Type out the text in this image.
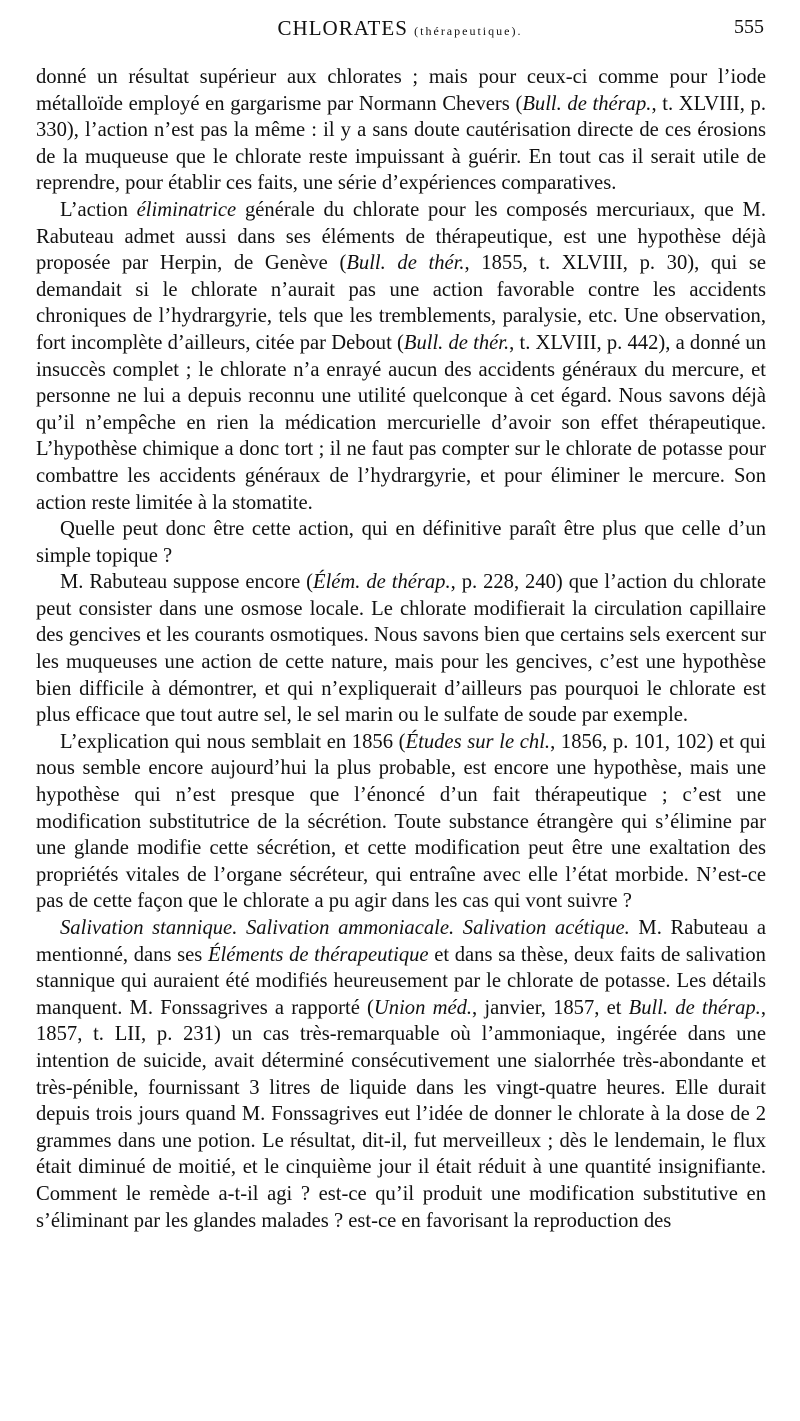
CHLORATES (thérapeutique).	555

donné un résultat supérieur aux chlorates ; mais pour ceux-ci comme pour l’iode métalloïde employé en gargarisme par Normann Chevers (Bull. de thérap., t. XLVIII, p. 330), l’action n’est pas la même : il y a sans doute cautérisation directe de ces érosions de la muqueuse que le chlorate reste impuissant à guérir. En tout cas il serait utile de reprendre, pour établir ces faits, une série d’expériences comparatives.

L’action éliminatrice générale du chlorate pour les composés mercuriaux, que M. Rabuteau admet aussi dans ses éléments de thérapeutique, est une hypothèse déjà proposée par Herpin, de Genève (Bull. de thér., 1855, t. XLVIII, p. 30), qui se demandait si le chlorate n’aurait pas une action favorable contre les accidents chroniques de l’hydrargyrie, tels que les tremblements, paralysie, etc. Une observation, fort incomplète d’ailleurs, citée par Debout (Bull. de thér., t. XLVIII, p. 442), a donné un insuccès complet ; le chlorate n’a enrayé aucun des accidents généraux du mercure, et personne ne lui a depuis reconnu une utilité quelconque à cet égard. Nous savons déjà qu’il n’empêche en rien la médication mercurielle d’avoir son effet thérapeutique. L’hypothèse chimique a donc tort ; il ne faut pas compter sur le chlorate de potasse pour combattre les accidents généraux de l’hydrargyrie, et pour éliminer le mercure. Son action reste limitée à la stomatite.

Quelle peut donc être cette action, qui en définitive paraît être plus que celle d’un simple topique ?

M. Rabuteau suppose encore (Élém. de thérap., p. 228, 240) que l’action du chlorate peut consister dans une osmose locale. Le chlorate modifierait la circulation capillaire des gencives et les courants osmotiques. Nous savons bien que certains sels exercent sur les muqueuses une action de cette nature, mais pour les gencives, c’est une hypothèse bien difficile à démontrer, et qui n’expliquerait d’ailleurs pas pourquoi le chlorate est plus efficace que tout autre sel, le sel marin ou le sulfate de soude par exemple.

L’explication qui nous semblait en 1856 (Études sur le chl., 1856, p. 101, 102) et qui nous semble encore aujourd’hui la plus probable, est encore une hypothèse, mais une hypothèse qui n’est presque que l’énoncé d’un fait thérapeutique ; c’est une modification substitutrice de la sécrétion. Toute substance étrangère qui s’élimine par une glande modifie cette sécrétion, et cette modification peut être une exaltation des propriétés vitales de l’organe sécréteur, qui entraîne avec elle l’état morbide. N’est-ce pas de cette façon que le chlorate a pu agir dans les cas qui vont suivre ?

Salivation stannique. Salivation ammoniacale. Salivation acétique. M. Rabuteau a mentionné, dans ses Éléments de thérapeutique et dans sa thèse, deux faits de salivation stannique qui auraient été modifiés heureusement par le chlorate de potasse. Les détails manquent. M. Fonssagrives a rapporté (Union méd., janvier, 1857, et Bull. de thérap., 1857, t. LII, p. 231) un cas très-remarquable où l’ammoniaque, ingérée dans une intention de suicide, avait déterminé consécutivement une sialorrhée très-abondante et très-pénible, fournissant 3 litres de liquide dans les vingt-quatre heures. Elle durait depuis trois jours quand M. Fonssagrives eut l’idée de donner le chlorate à la dose de 2 grammes dans une potion. Le résultat, dit-il, fut merveilleux ; dès le lendemain, le flux était diminué de moitié, et le cinquième jour il était réduit à une quantité insignifiante. Comment le remède a-t-il agi ? est-ce qu’il produit une modification substitutive en s’éliminant par les glandes malades ? est-ce en favorisant la reproduction des
